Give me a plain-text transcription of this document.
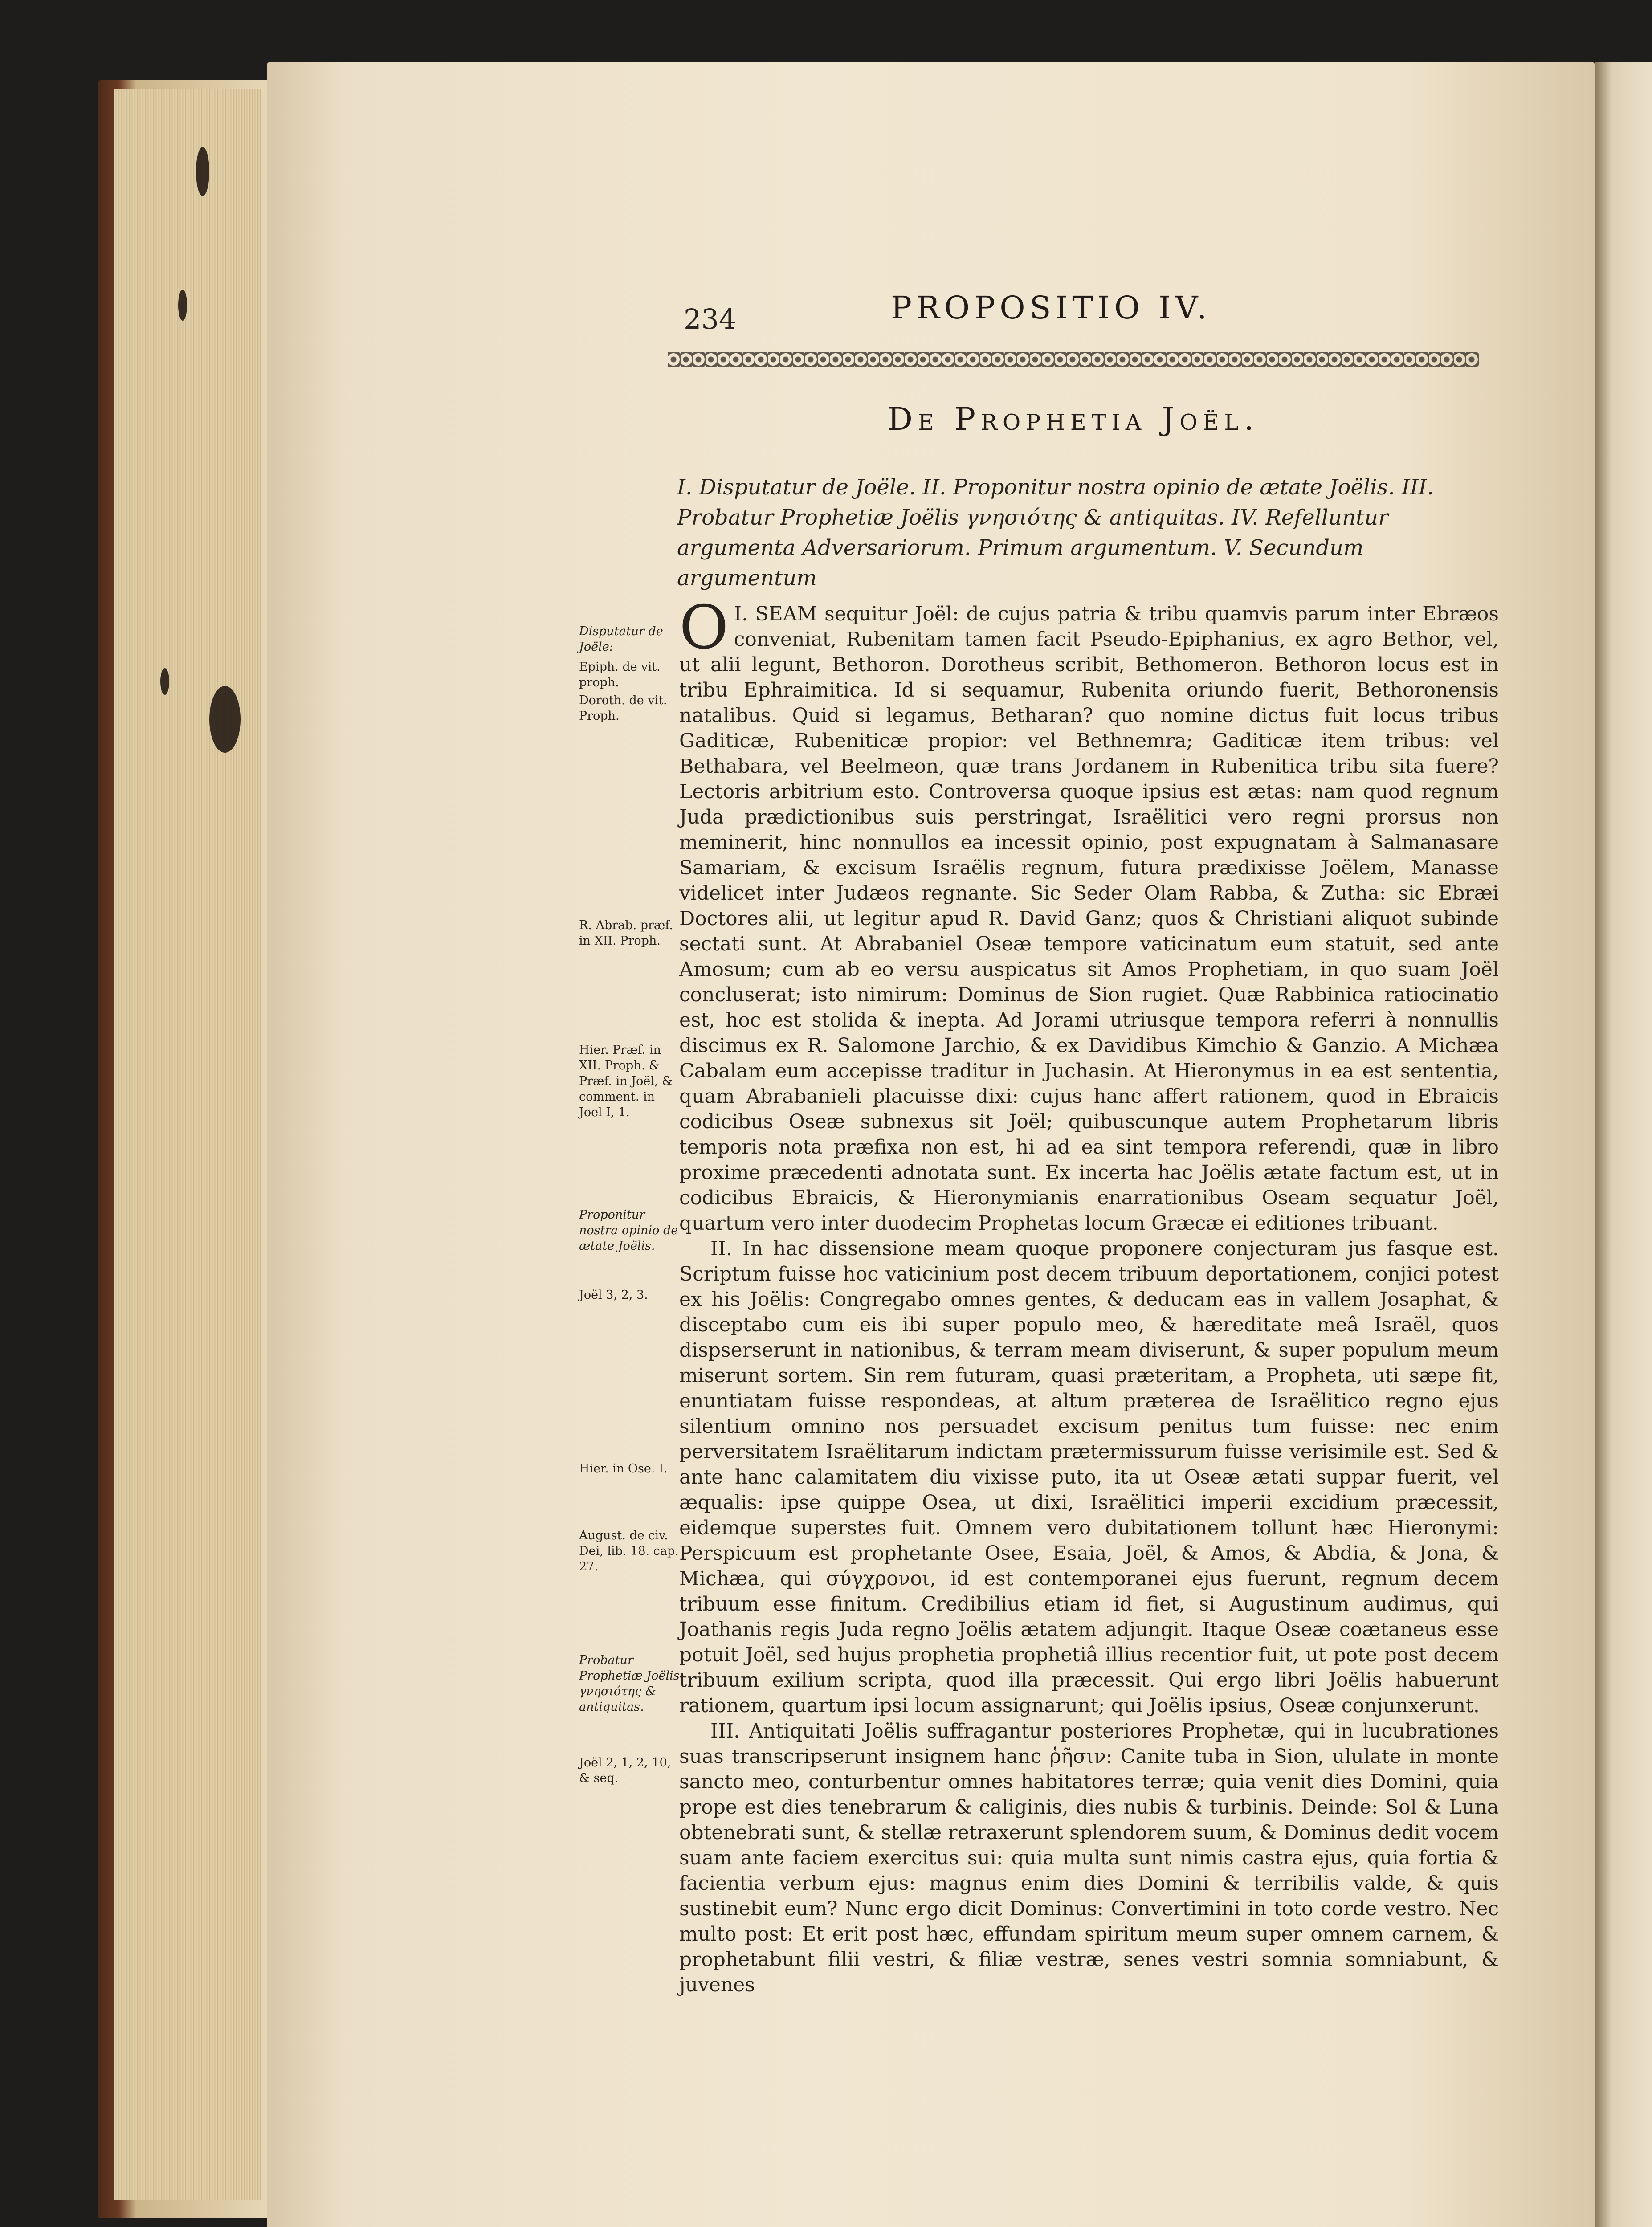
234	PROPOSITIO IV.
De Prophetia Joël.
I. Disputatur de Joële. II. Proponitur nostra opinio de ætate Joëlis. III. Probatur Prophetiæ Joëlis γνησιότης & antiquitas. IV. Refelluntur argumenta Adversariorum. Primum argumentum. V. Secundum argumentum
Disputatur de Joële:
Epiph. de vit. proph.
Doroth. de vit. Proph.
R. Abrab. præf. in XII. Proph.
Hier. Præf. in XII. Proph. & Præf. in Joël, & comment. in Joel I, 1.
Proponitur nostra opinio de ætate Joëlis.
Joël 3, 2, 3.
Hier. in Ose. I.
August. de civ. Dei, lib. 18. cap. 27.
Probatur Prophetiæ Joëlis γνησιότης & antiquitas.
Joël 2, 1, 2, 10, & seq.

I.
O SEAM sequitur Joël: de cujus patria & tribu quamvis parum inter Ebræos conveniat, Rubenitam tamen facit Pseudo-Epiphanius, ex agro Bethor, vel, ut alii legunt, Bethoron. Dorotheus scribit, Bethomeron. Bethoron locus est in tribu Ephraimitica. Id si sequamur, Rubenita oriundo fuerit, Bethoronensis natalibus. Quid si legamus, Betharan? quo nomine dictus fuit locus tribus Gaditicæ, Rubeniticæ propior: vel Bethnemra; Gaditicæ item tribus: vel Bethabara, vel Beelmeon, quæ trans Jordanem in Rubenitica tribu sita fuere? Lectoris arbitrium esto. Controversa quoque ipsius est ætas: nam quod regnum Juda prædictionibus suis perstringat, Israëlitici vero regni prorsus non meminerit, hinc nonnullos ea incessit opinio, post expugnatam à Salmanasare Samariam, & excisum Israëlis regnum, futura prædixisse Joëlem, Manasse videlicet inter Judæos regnante. Sic Seder Olam Rabba, & Zutha: sic Ebræi Doctores alii, ut legitur apud R. David Ganz; quos & Christiani aliquot subinde sectati sunt. At Abrabaniel Oseæ tempore vaticinatum eum statuit, sed ante Amosum; cum ab eo versu auspicatus sit Amos Prophetiam, in quo suam Joël concluserat; isto nimirum: Dominus de Sion rugiet. Quæ Rabbinica ratiocinatio est, hoc est stolida & inepta. Ad Jorami utriusque tempora referri à nonnullis discimus ex R. Salomone Jarchio, & ex Davidibus Kimchio & Ganzio. A Michæa Cabalam eum accepisse traditur in Juchasin. At Hieronymus in ea est sententia, quam Abrabanieli placuisse dixi: cujus hanc affert rationem, quod in Ebraicis codicibus Oseæ subnexus sit Joël; quibuscunque autem Prophetarum libris temporis nota præfixa non est, hi ad ea sint tempora referendi, quæ in libro proxime præcedenti adnotata sunt. Ex incerta hac Joëlis ætate factum est, ut in codicibus Ebraicis, & Hieronymianis enarrationibus Oseam sequatur Joël, quartum vero inter duodecim Prophetas locum Græcæ ei editiones tribuant.

II. In hac dissensione meam quoque proponere conjecturam jus fasque est. Scriptum fuisse hoc vaticinium post decem tribuum deportationem, conjici potest ex his Joëlis: Congregabo omnes gentes, & deducam eas in vallem Josaphat, & disceptabo cum eis ibi super populo meo, & hæreditate meâ Israël, quos dispserserunt in nationibus, & terram meam diviserunt, & super populum meum miserunt sortem. Sin rem futuram, quasi præteritam, a Propheta, uti sæpe fit, enuntiatam fuisse respondeas, at altum præterea de Israëlitico regno ejus silentium omnino nos persuadet excisum penitus tum fuisse: nec enim perversitatem Israëlitarum indictam prætermissurum fuisse verisimile est. Sed & ante hanc calamitatem diu vixisse puto, ita ut Oseæ ætati suppar fuerit, vel æqualis: ipse quippe Osea, ut dixi, Israëlitici imperii excidium præcessit, eidemque superstes fuit. Omnem vero dubitationem tollunt hæc Hieronymi: Perspicuum est prophetante Osee, Esaia, Joël, & Amos, & Abdia, & Jona, & Michæa, qui σύγχρονοι, id est contemporanei ejus fuerunt, regnum decem tribuum esse finitum. Credibilius etiam id fiet, si Augustinum audimus, qui Joathanis regis Juda regno Joëlis ætatem adjungit. Itaque Oseæ coætaneus esse potuit Joël, sed hujus prophetia prophetiâ illius recentior fuit, ut pote post decem tribuum exilium scripta, quod illa præcessit. Qui ergo libri Joëlis habuerunt rationem, quartum ipsi locum assignarunt; qui Joëlis ipsius, Oseæ conjunxerunt.

III. Antiquitati Joëlis suffragantur posteriores Prophetæ, qui in lucubrationes suas transcripserunt insignem hanc ῥῆσιν: Canite tuba in Sion, ululate in monte sancto meo, conturbentur omnes habitatores terræ; quia venit dies Domini, quia prope est dies tenebrarum & caliginis, dies nubis & turbinis. Deinde: Sol & Luna obtenebrati sunt, & stellæ retraxerunt splendorem suum, & Dominus dedit vocem suam ante faciem exercitus sui: quia multa sunt nimis castra ejus, quia fortia & facientia verbum ejus: magnus enim dies Domini & terribilis valde, & quis sustinebit eum? Nunc ergo dicit Dominus: Convertimini in toto corde vestro. Nec multo post: Et erit post hæc, effundam spiritum meum super omnem carnem, & prophetabunt filii vestri, & filiæ vestræ, senes vestri somnia somniabunt, & juvenes
